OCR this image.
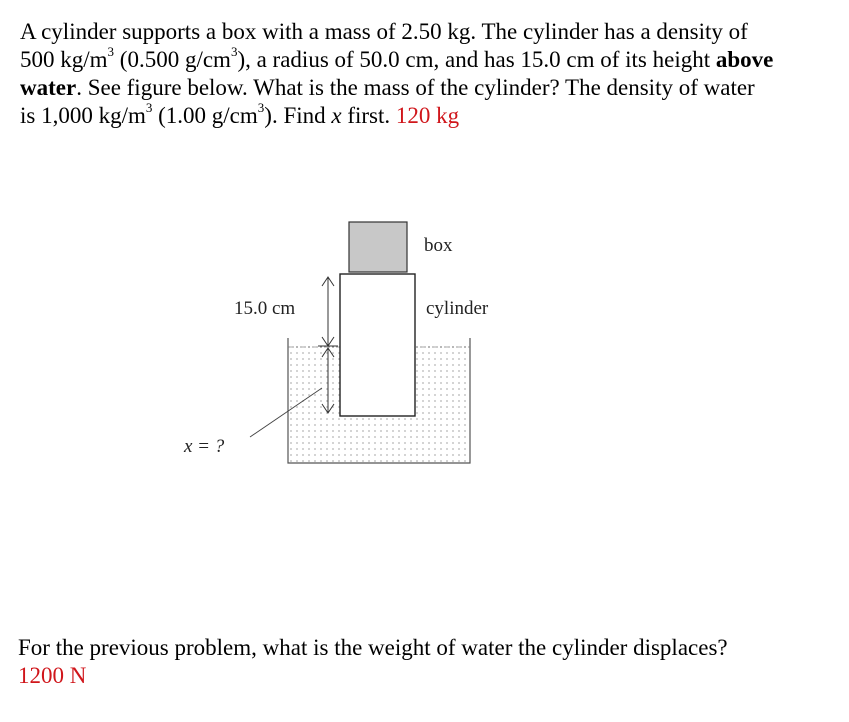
A cylinder supports a box with a mass of 2.50 kg. The cylinder has a density of
500 $kg/m^3$ (0.500 $g/cm^3$), a radius of 50.0 cm, and has 15.0 cm of its height above
water. See figure below. What is the mass of the cylinder? The density of water
is 1,000 $kg/m^3$ (1.00 $g/cm^3$). Find x first. 120 kg
box
cylinder
15.0 cm
x = ?
For the previous problem, what is the weight of water the cylinder displaces?
1200 N
